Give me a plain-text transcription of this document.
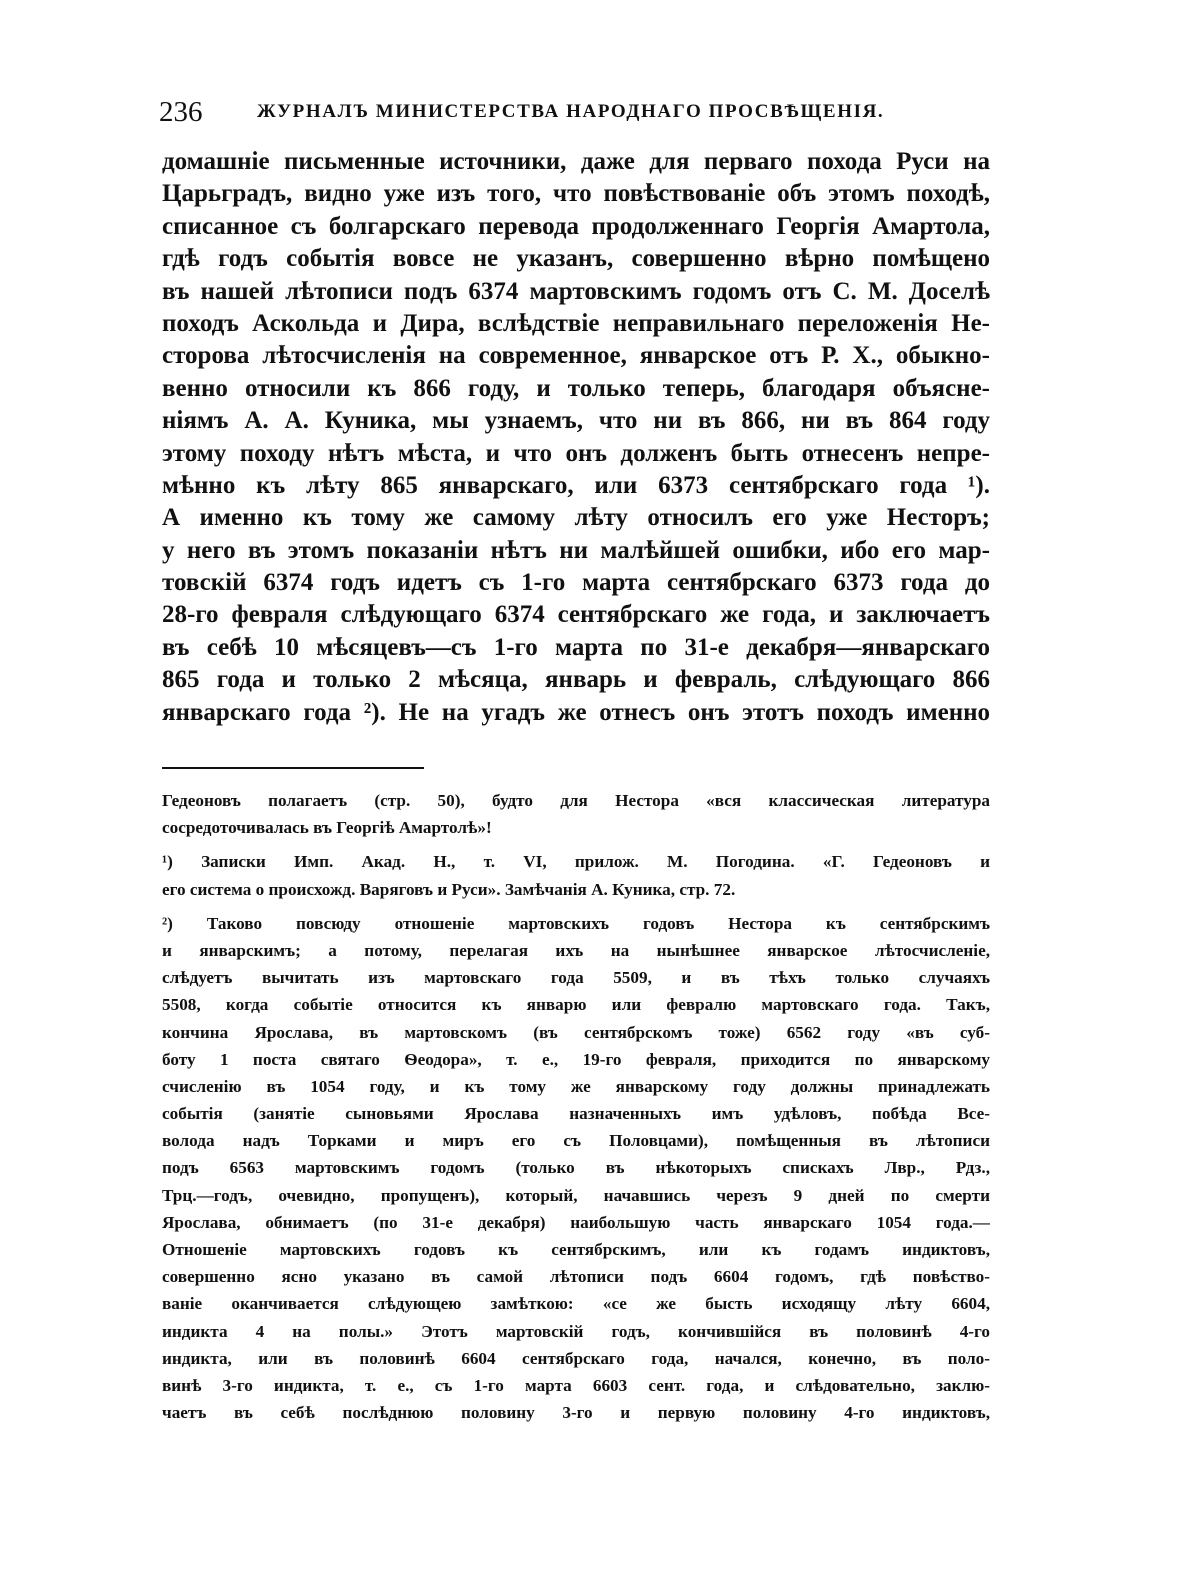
236	ЖУРНАЛЪ МИНИСТЕРСТВА НАРОДНАГО ПРОСВѢЩЕНІЯ.
домашніе письменные источники, даже для перваго похода Руси на
Царьградъ, видно уже изъ того, что повѣствованіе объ этомъ походѣ,
списанное съ болгарскаго перевода продолженнаго Георгія Амартола,
гдѣ годъ событія вовсе не указанъ, совершенно вѣрно помѣщено
въ нашей лѣтописи подъ 6374 мартовскимъ годомъ отъ С. М. Доселѣ
походъ Аскольда и Дира, вслѣдствіе неправильнаго переложенія Не-
сторова лѣтосчисленія на современное, январское отъ Р. Х., обыкно-
венно относили къ 866 году, и только теперь, благодаря объясне-
ніямъ А. А. Куника, мы узнаемъ, что ни въ 866, ни въ 864 году
этому походу нѣтъ мѣста, и что онъ долженъ быть отнесенъ непре-
мѣнно къ лѣту 865 январскаго, или 6373 сентябрскаго года ¹).
А именно къ тому же самому лѣту относилъ его уже Несторъ;
у него въ этомъ показаніи нѣтъ ни малѣйшей ошибки, ибо его мар-
товскій 6374 годъ идетъ съ 1-го марта сентябрскаго 6373 года до
28-го февраля слѣдующаго 6374 сентябрскаго же года, и заключаетъ
въ себѣ 10 мѣсяцевъ—съ 1-го марта по 31-е декабря—январскаго
865 года и только 2 мѣсяца, январь и февраль, слѣдующаго 866
январскаго года ²). Не на угадъ же отнесъ онъ этотъ походъ именно
Гедеоновъ полагаетъ (стр. 50), будто для Нестора «вся классическая литература
сосредоточивалась въ Георгіѣ Амартолѣ»!
¹) Записки Имп. Акад. Н., т. VI, прилож. М. Погодина. «Г. Гедеоновъ и
его система о происхожд. Варяговъ и Руси». Замѣчанія А. Куника, стр. 72.
²) Таково повсюду отношеніе мартовскихъ годовъ Нестора къ сентябрскимъ
и январскимъ; а потому, перелагая ихъ на нынѣшнее январское лѣтосчисленіе,
слѣдуетъ вычитать изъ мартовскаго года 5509, и въ тѣхъ только случаяхъ
5508, когда событіе относится къ январю или февралю мартовскаго года. Такъ,
кончина Ярослава, въ мартовскомъ (въ сентябрскомъ тоже) 6562 году «въ суб-
боту 1 поста святаго Ѳеодора», т. е., 19-го февраля, приходится по январскому
счисленію въ 1054 году, и къ тому же январскому году должны принадлежать
событія (занятіе сыновьями Ярослава назначенныхъ имъ удѣловъ, побѣда Все-
волода надъ Торками и миръ его съ Половцами), помѣщенныя въ лѣтописи
подъ 6563 мартовскимъ годомъ (только въ нѣкоторыхъ спискахъ Лвр., Рдз.,
Трц.—годъ, очевидно, пропущенъ), который, начавшись черезъ 9 дней по смерти
Ярослава, обнимаетъ (по 31-е декабря) наибольшую часть январскаго 1054 года.—
Отношеніе мартовскихъ годовъ къ сентябрскимъ, или къ годамъ индиктовъ,
совершенно ясно указано въ самой лѣтописи подъ 6604 годомъ, гдѣ повѣство-
ваніе оканчивается слѣдующею замѣткою: «се же бысть исходящу лѣту 6604,
индикта 4 на полы.» Этотъ мартовскій годъ, кончившійся въ половинѣ 4-го
индикта, или въ половинѣ 6604 сентябрскаго года, начался, конечно, въ поло-
винѣ 3-го индикта, т. е., съ 1-го марта 6603 сент. года, и слѣдовательно, заклю-
чаетъ въ себѣ послѣднюю половину 3-го и первую половину 4-го индиктовъ,
